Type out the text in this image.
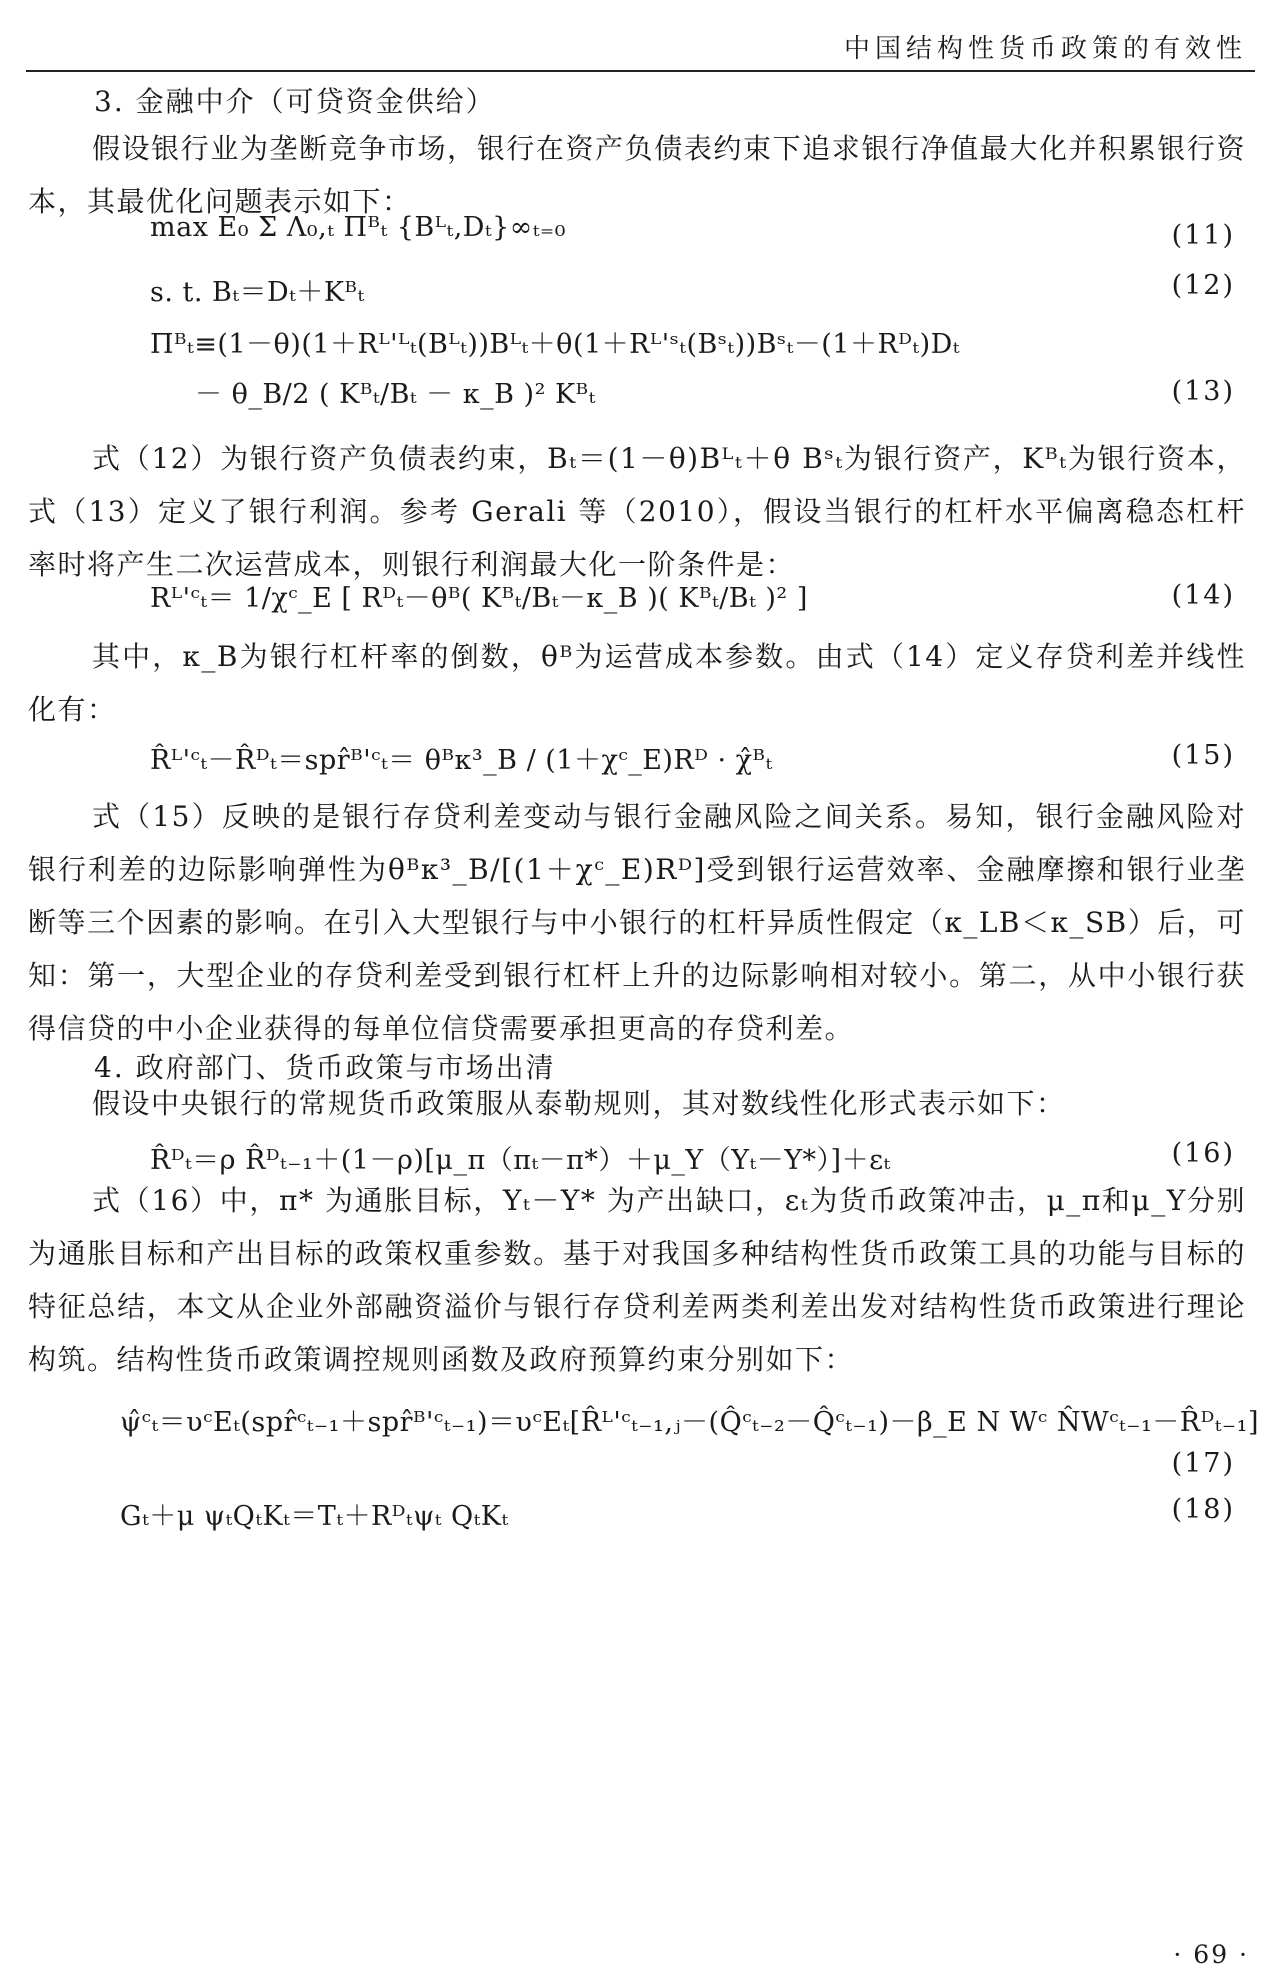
中国结构性货币政策的有效性
3. 金融中介（可贷资金供给）

假设银行业为垄断竞争市场，银行在资产负债表约束下追求银行净值最大化并积累银行资本，其最优化问题表示如下：

max E₀ Σ Λ₀,ₜ Πᴮₜ {Bᴸₜ,Dₜ}∞ₜ₌₀	(11)
s. t. Bₜ＝Dₜ＋Kᴮₜ	(12)
Πᴮₜ≡(1－θ)(1＋Rᴸ'ᴸₜ(Bᴸₜ))Bᴸₜ＋θ(1＋Rᴸ'ˢₜ(Bˢₜ))Bˢₜ－(1＋Rᴰₜ)Dₜ
－ θ_B/2 ( Kᴮₜ/Bₜ － κ_B )² Kᴮₜ	(13)

式（12）为银行资产负债表约束，Bₜ＝(1－θ)Bᴸₜ＋θ Bˢₜ为银行资产，Kᴮₜ为银行资本，式（13）定义了银行利润。参考 Gerali 等（2010），假设当银行的杠杆水平偏离稳态杠杆率时将产生二次运营成本，则银行利润最大化一阶条件是：

Rᴸ'ᶜₜ＝ 1/χᶜ_E [ Rᴰₜ－θᴮ( Kᴮₜ/Bₜ－κ_B )( Kᴮₜ/Bₜ )² ]	(14)

其中，κ_B为银行杠杆率的倒数，θᴮ为运营成本参数。由式（14）定义存贷利差并线性化有：

R̂ᴸ'ᶜₜ－R̂ᴰₜ＝spr̂ᴮ'ᶜₜ＝ θᴮκ³_B / (1＋χᶜ_E)Rᴰ · χ̂ᴮₜ	(15)

式（15）反映的是银行存贷利差变动与银行金融风险之间关系。易知，银行金融风险对银行利差的边际影响弹性为θᴮκ³_B/[(1＋χᶜ_E)Rᴰ]受到银行运营效率、金融摩擦和银行业垄断等三个因素的影响。在引入大型银行与中小银行的杠杆异质性假定（κ_LB＜κ_SB）后，可知：第一，大型企业的存贷利差受到银行杠杆上升的边际影响相对较小。第二，从中小银行获得信贷的中小企业获得的每单位信贷需要承担更高的存贷利差。

4. 政府部门、货币政策与市场出清

假设中央银行的常规货币政策服从泰勒规则，其对数线性化形式表示如下：

R̂ᴰₜ＝ρ R̂ᴰₜ₋₁＋(1－ρ)[μ_π（πₜ－π*）＋μ_Y（Yₜ－Y*）]＋εₜ	(16)

式（16）中，π* 为通胀目标，Yₜ－Y* 为产出缺口，εₜ为货币政策冲击，μ_π和μ_Y分别为通胀目标和产出目标的政策权重参数。基于对我国多种结构性货币政策工具的功能与目标的特征总结，本文从企业外部融资溢价与银行存贷利差两类利差出发对结构性货币政策进行理论构筑。结构性货币政策调控规则函数及政府预算约束分别如下：

ψ̂ᶜₜ＝υᶜEₜ(spr̂ᶜₜ₋₁＋spr̂ᴮ'ᶜₜ₋₁)＝υᶜEₜ[R̂ᴸ'ᶜₜ₋₁,ⱼ－(Q̂ᶜₜ₋₂－Q̂ᶜₜ₋₁)－β_E N Wᶜ N̂Wᶜₜ₋₁－R̂ᴰₜ₋₁]
(17)
Gₜ＋μ ψₜQₜKₜ＝Tₜ＋Rᴰₜψₜ QₜKₜ	(18)
· 69 ·
